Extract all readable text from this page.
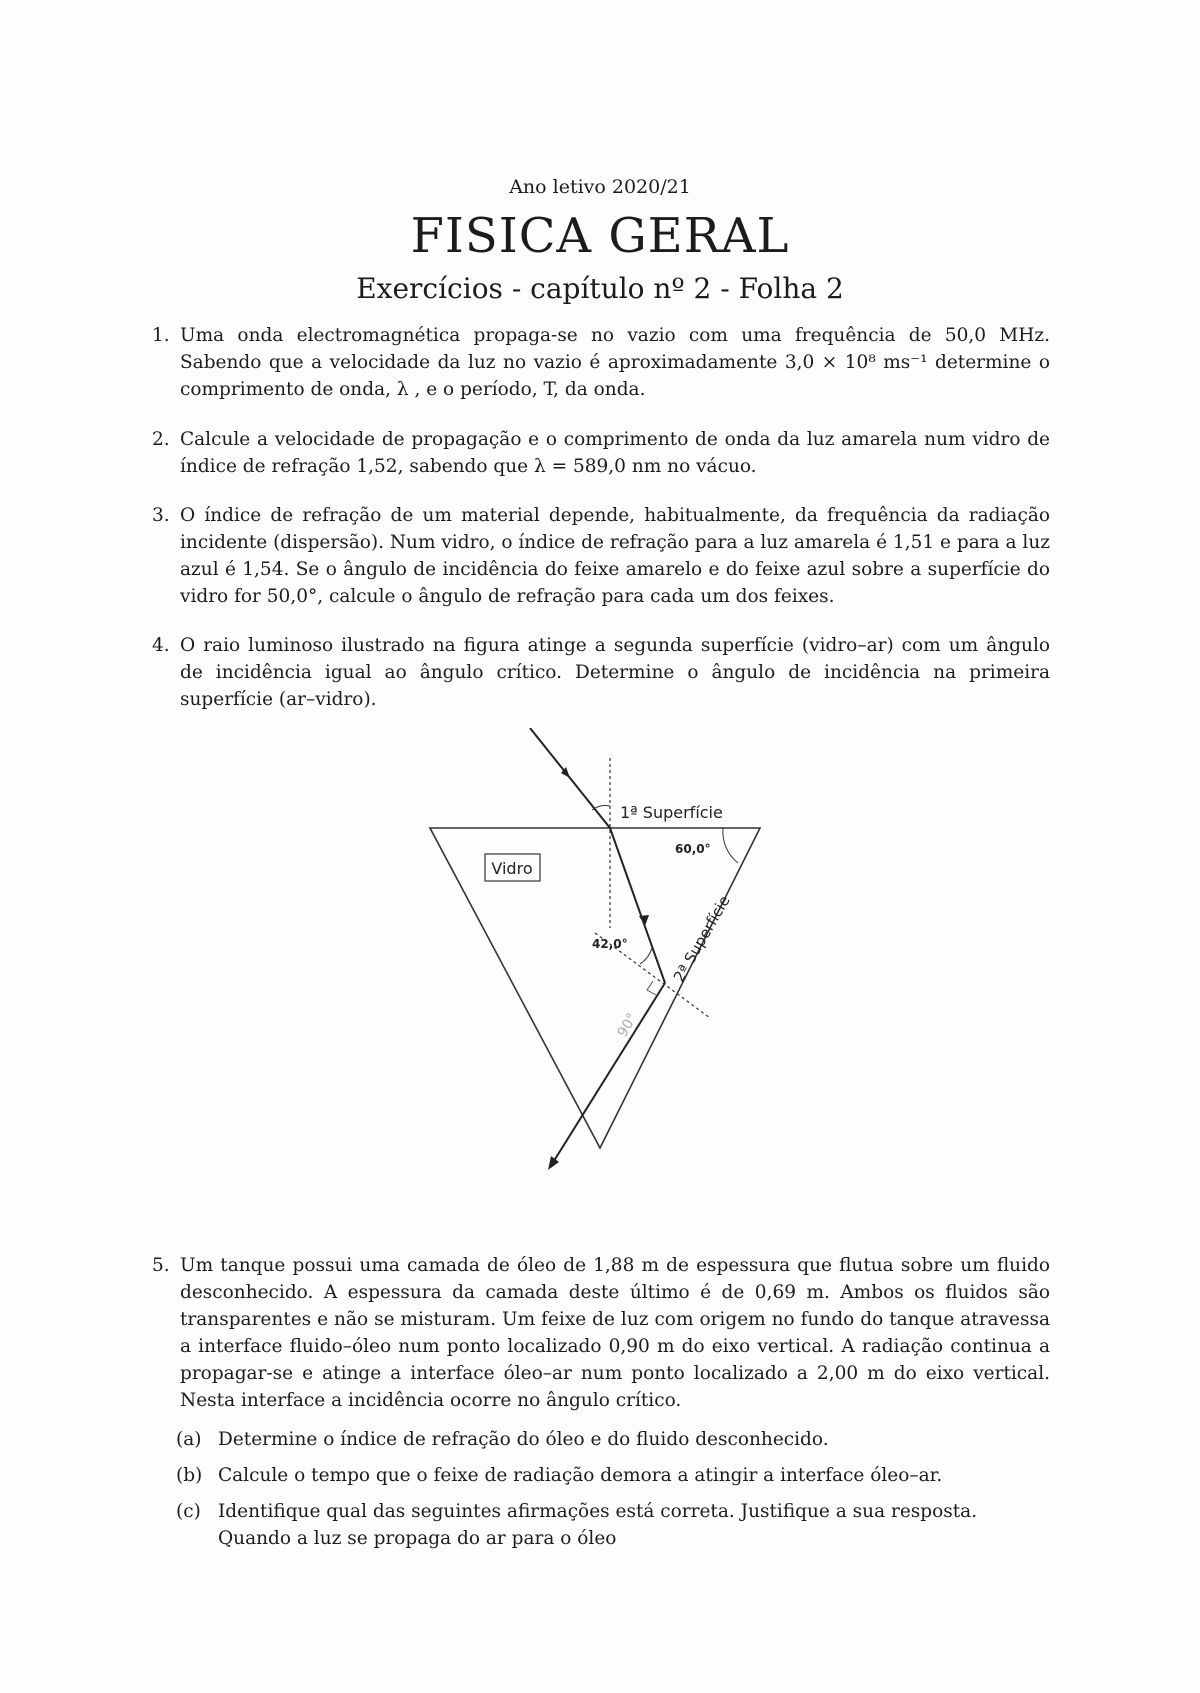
Ano letivo 2020/21
FISICA GERAL
Exercícios - capítulo nº 2 - Folha 2
1. Uma onda electromagnética propaga-se no vazio com uma frequência de 50,0 MHz. Sabendo que a velocidade da luz no vazio é aproximadamente 3,0 × 10⁸ ms⁻¹ determine o comprimento de onda, λ , e o período, T, da onda.

2. Calcule a velocidade de propagação e o comprimento de onda da luz amarela num vidro de índice de refração 1,52, sabendo que λ = 589,0 nm no vácuo.

3. O índice de refração de um material depende, habitualmente, da frequência da radiação incidente (dispersão). Num vidro, o índice de refração para a luz amarela é 1,51 e para a luz azul é 1,54. Se o ângulo de incidência do feixe amarelo e do feixe azul sobre a superfície do vidro for 50,0°, calcule o ângulo de refração para cada um dos feixes.

4. O raio luminoso ilustrado na figura atinge a segunda superfície (vidro–ar) com um ângulo de incidência igual ao ângulo crítico. Determine o ângulo de incidência na primeira superfície (ar–vidro).

Vidro
1ª Superfície
60,0°
42,0°	2ª Superfície
90°
5. Um tanque possui uma camada de óleo de 1,88 m de espessura que flutua sobre um fluido desconhecido. A espessura da camada deste último é de 0,69 m. Ambos os fluidos são transparentes e não se misturam. Um feixe de luz com origem no fundo do tanque atravessa a interface fluido–óleo num ponto localizado 0,90 m do eixo vertical. A radiação continua a propagar-se e atinge a interface óleo–ar num ponto localizado a 2,00 m do eixo vertical. Nesta interface a incidência ocorre no ângulo crítico.

(a) Determine o índice de refração do óleo e do fluido desconhecido.
(b) Calcule o tempo que o feixe de radiação demora a atingir a interface óleo–ar.
(c) Identifique qual das seguintes afirmações está correta. Justifique a sua resposta. Quando a luz se propaga do ar para o óleo
